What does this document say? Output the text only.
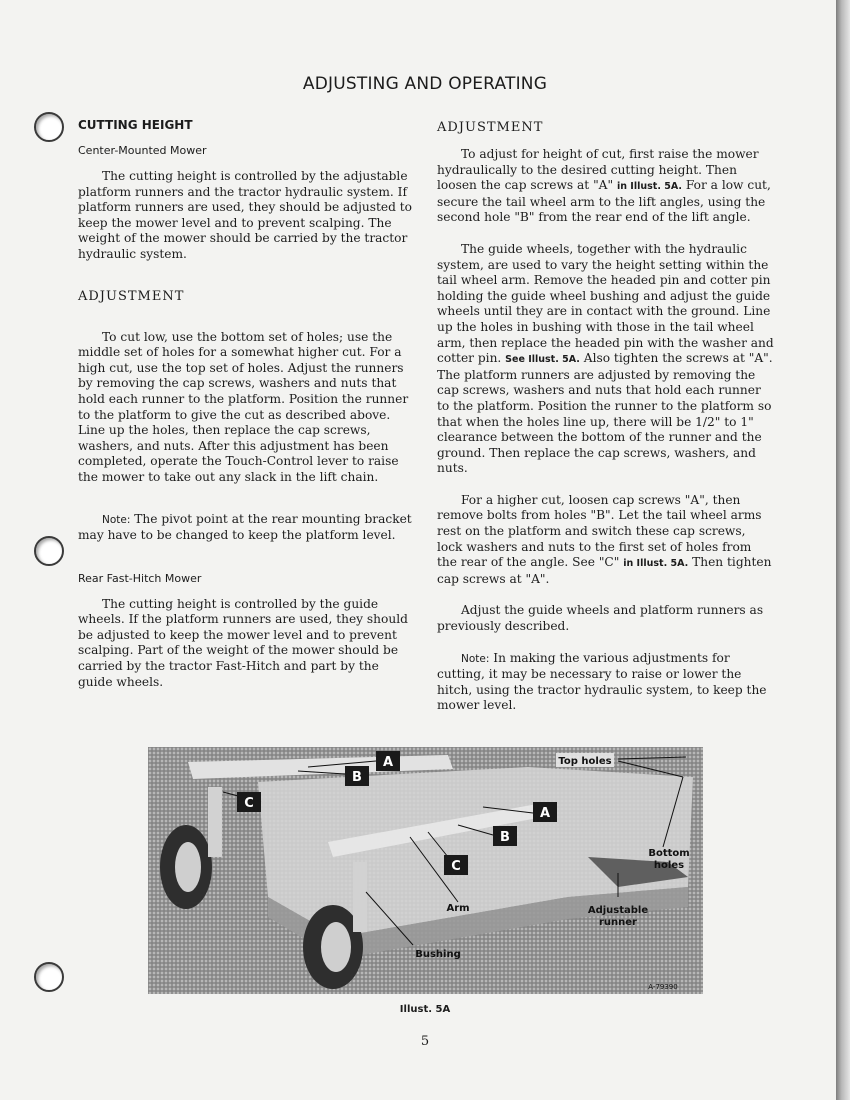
ADJUSTING AND OPERATING

CUTTING HEIGHT

Center-Mounted Mower

The cutting height is controlled by the adjustable platform runners and the tractor hydraulic system. If platform runners are used, they should be adjusted to keep the mower level and to prevent scalping. The weight of the mower should be carried by the tractor hydraulic system.

ADJUSTMENT

To cut low, use the bottom set of holes; use the middle set of holes for a somewhat higher cut. For a high cut, use the top set of holes. Adjust the runners by removing the cap screws, washers and nuts that hold each runner to the platform. Position the runner to the platform to give the cut as described above. Line up the holes, then replace the cap screws, washers, and nuts. After this adjustment has been completed, operate the Touch-Control lever to raise the mower to take out any slack in the lift chain.

Note: The pivot point at the rear mounting bracket may have to be changed to keep the platform level.

Rear Fast-Hitch Mower

The cutting height is controlled by the guide wheels. If the platform runners are used, they should be adjusted to keep the mower level and to prevent scalping. Part of the weight of the mower should be carried by the tractor Fast-Hitch and part by the guide wheels.

ADJUSTMENT

To adjust for height of cut, first raise the mower hydraulically to the desired cutting height. Then loosen the cap screws at "A" in Illust. 5A. For a low cut, secure the tail wheel arm to the lift angles, using the second hole "B" from the rear end of the lift angle.

The guide wheels, together with the hydraulic system, are used to vary the height setting within the tail wheel arm. Remove the headed pin and cotter pin holding the guide wheel bushing and adjust the guide wheels until they are in contact with the ground. Line up the holes in bushing with those in the tail wheel arm, then replace the headed pin with the washer and cotter pin. See Illust. 5A. Also tighten the screws at "A". The platform runners are adjusted by removing the cap screws, washers and nuts that hold each runner to the platform. Position the runner to the platform so that when the holes line up, there will be 1/2" to 1" clearance between the bottom of the runner and the ground. Then replace the cap screws, washers, and nuts.

For a higher cut, loosen cap screws "A", then remove bolts from holes "B". Let the tail wheel arms rest on the platform and switch these cap screws, lock washers and nuts to the first set of holes from the rear of the angle. See "C" in Illust. 5A. Then tighten cap screws at "A".

Adjust the guide wheels and platform runners as previously described.

Note: In making the various adjustments for cutting, it may be necessary to raise or lower the hitch, using the tractor hydraulic system, to keep the mower level.

A
B
C
A
B
C
Top holes
Bottom
holes
Adjustable
runner
Arm
Bushing
A-79390
Illust. 5A
5
